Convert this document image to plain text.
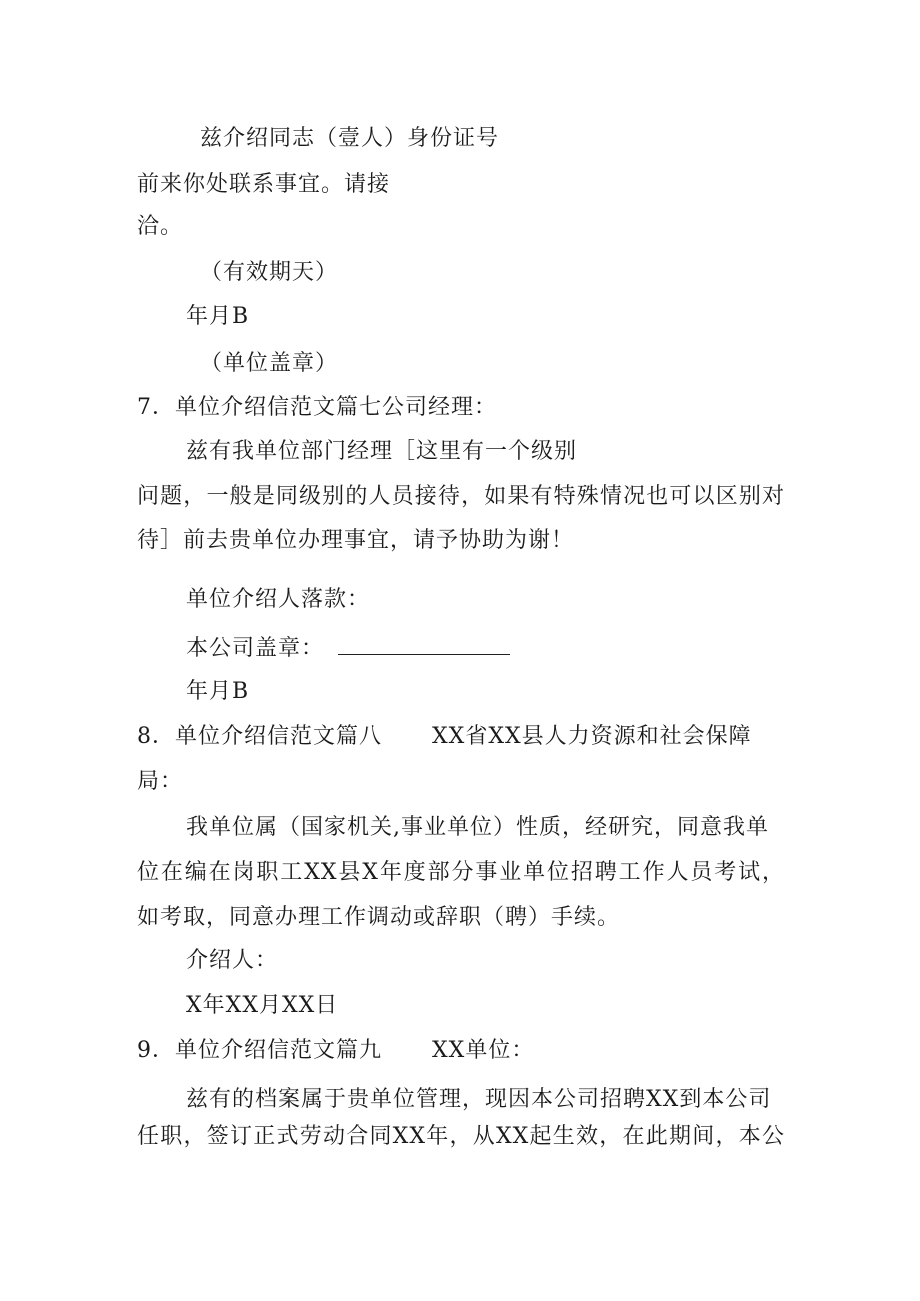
兹介绍同志（壹人）身份证号
前来你处联系事宜。请接
洽。
（有效期天）
年月B
（单位盖章）
7．单位介绍信范文篇七公司经理：
兹有我单位部门经理［这里有一个级别
问题，一般是同级别的人员接待，如果有特殊情况也可以区别对
待］前去贵单位办理事宜，请予协助为谢！
单位介绍人落款：
本公司盖章：
年月B
8．单位介绍信范文篇八 XX省XX县人力资源和社会保障
局：
我单位属（国家机关,事业单位）性质，经研究，同意我单
位在编在岗职工XX县X年度部分事业单位招聘工作人员考试，
如考取，同意办理工作调动或辞职（聘）手续。
介绍人：
X年XX月XX日
9．单位介绍信范文篇九 XX单位：
兹有的档案属于贵单位管理，现因本公司招聘XX到本公司
任职，签订正式劳动合同XX年，从XX起生效，在此期间，本公
